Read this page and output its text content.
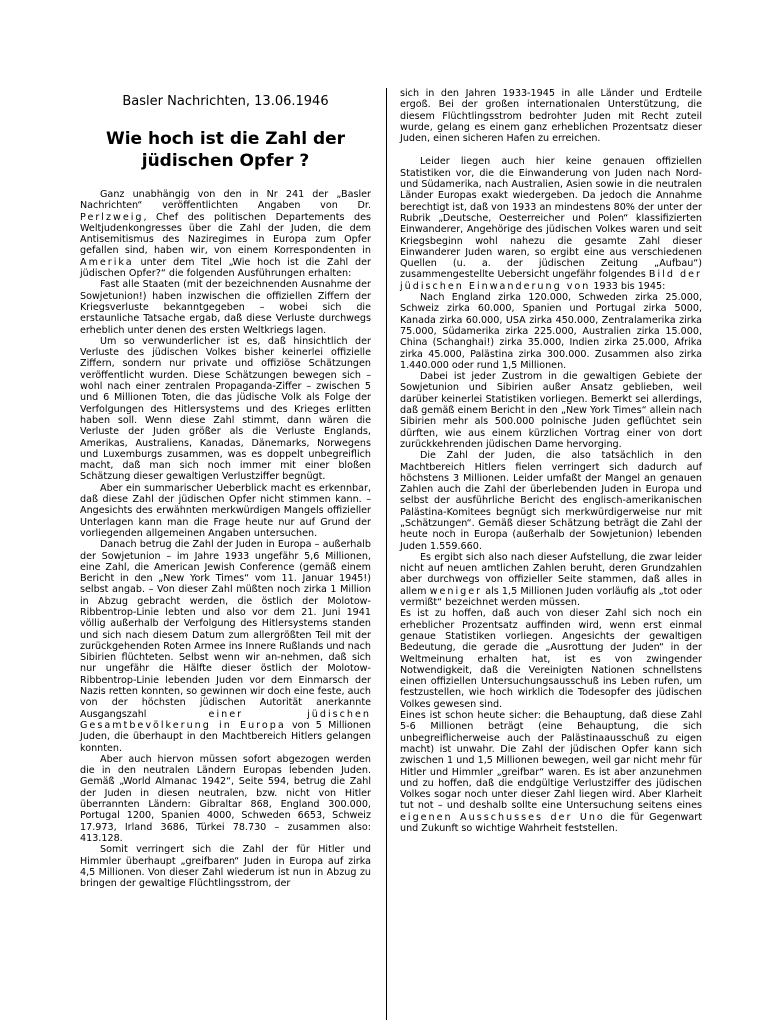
Basler Nachrichten, 13.06.1946
Wie hoch ist die Zahl der jüdischen Opfer ?

Ganz unabhängig von den in Nr 241 der „Basler Nachrichten“ veröffentlichten Angaben von Dr. Perlzweig, Chef des politischen Departements des Weltjudenkongresses über die Zahl der Juden, die dem Antisemitismus des Naziregimes in Europa zum Opfer gefallen sind, haben wir, von einem Korrespondenten in Amerika unter dem Titel „Wie hoch ist die Zahl der jüdischen Opfer?“ die folgenden Ausführungen erhalten:

Fast alle Staaten (mit der bezeichnenden Ausnahme der Sowjetunion!) haben inzwischen die offiziellen Ziffern der Kriegsverluste bekanntgegeben – wobei sich die erstaunliche Tatsache ergab, daß diese Verluste durchwegs erheblich unter denen des ersten Weltkriegs lagen.

Um so verwunderlicher ist es, daß hinsichtlich der Verluste des jüdischen Volkes bisher keinerlei offizielle Ziffern, sondern nur private und offiziöse Schätzungen veröffentlicht wurden. Diese Schätzungen bewegen sich – wohl nach einer zentralen Propaganda-Ziffer – zwischen 5 und 6 Millionen Toten, die das jüdische Volk als Folge der Verfolgungen des Hitlersystems und des Krieges erlitten haben soll. Wenn diese Zahl stimmt, dann wären die Verluste der Juden größer als die Verluste Englands, Amerikas, Australiens, Kanadas, Dänemarks, Norwegens und Luxemburgs zusammen, was es doppelt unbegreiflich macht, daß man sich noch immer mit einer bloßen Schätzung dieser gewaltigen Verlustziffer begnügt.

Aber ein summarischer Ueberblick macht es erkennbar, daß diese Zahl der jüdischen Opfer nicht stimmen kann. – Angesichts des erwähnten merkwürdigen Mangels offizieller Unterlagen kann man die Frage heute nur auf Grund der vorliegenden allgemeinen Angaben untersuchen.

Danach betrug die Zahl der Juden in Europa – außerhalb der Sowjetunion – im Jahre 1933 ungefähr 5,6 Millionen, eine Zahl, die American Jewish Conference (gemäß einem Bericht in den „New York Times“ vom 11. Januar 1945!) selbst angab. – Von dieser Zahl müßten noch zirka 1 Million in Abzug gebracht werden, die östlich der Molotow-Ribbentrop-Linie lebten und also vor dem 21. Juni 1941 völlig außerhalb der Verfolgung des Hitlersystems standen und sich nach diesem Datum zum allergrößten Teil mit der zurückgehenden Roten Armee ins Innere Rußlands und nach Sibirien flüchteten. Selbst wenn wir an-nehmen, daß sich nur ungefähr die Hälfte dieser östlich der Molotow-Ribbentrop-Linie lebenden Juden vor dem Einmarsch der Nazis retten konnten, so gewinnen wir doch eine feste, auch von der höchsten jüdischen Autorität anerkannte Ausgangszahl einer jüdischen Gesamtbevölkerung in Europa von 5 Millionen Juden, die überhaupt in den Machtbereich Hitlers gelangen konnten.

Aber auch hiervon müssen sofort abgezogen werden die in den neutralen Ländern Europas lebenden Juden. Gemäß „World Almanac 1942“, Seite 594, betrug die Zahl der Juden in diesen neutralen, bzw. nicht von Hitler überrannten Ländern: Gibraltar 868, England 300.000, Portugal 1200, Spanien 4000, Schweden 6653, Schweiz 17.973, Irland 3686, Türkei 78.730 – zusammen also: 413.128.

Somit verringert sich die Zahl der für Hitler und Himmler überhaupt „greifbaren“ Juden in Europa auf zirka 4,5 Millionen. Von dieser Zahl wiederum ist nun in Abzug zu bringen der gewaltige Flüchtlingsstrom, der

sich in den Jahren 1933-1945 in alle Länder und Erdteile ergoß. Bei der großen internationalen Unterstützung, die diesem Flüchtlingsstrom bedrohter Juden mit Recht zuteil wurde, gelang es einem ganz erheblichen Prozentsatz dieser Juden, einen sicheren Hafen zu erreichen.

Leider liegen auch hier keine genauen offiziellen Statistiken vor, die die Einwanderung von Juden nach Nord- und Südamerika, nach Australien, Asien sowie in die neutralen Länder Europas exakt wiedergeben. Da jedoch die Annahme berechtigt ist, daß von 1933 an mindestens 80% der unter der Rubrik „Deutsche, Oesterreicher und Polen“ klassifizierten Einwanderer, Angehörige des jüdischen Volkes waren und seit Kriegsbeginn wohl nahezu die gesamte Zahl dieser Einwanderer Juden waren, so ergibt eine aus verschiedenen Quellen (u. a. der jüdischen Zeitung „Aufbau“) zusammengestellte Uebersicht ungefähr folgendes Bild der jüdischen Einwanderung von 1933 bis 1945:

Nach England zirka 120.000, Schweden zirka 25.000, Schweiz zirka 60.000, Spanien und Portugal zirka 5000, Kanada zirka 60.000, USA zirka 450.000, Zentralamerika zirka 75.000, Südamerika zirka 225.000, Australien zirka 15.000, China (Schanghai!) zirka 35.000, Indien zirka 25.000, Afrika zirka 45.000, Palästina zirka 300.000. Zusammen also zirka 1.440.000 oder rund 1,5 Millionen.

Dabei ist jeder Zustrom in die gewaltigen Gebiete der Sowjetunion und Sibirien außer Ansatz geblieben, weil darüber keinerlei Statistiken vorliegen. Bemerkt sei allerdings, daß gemäß einem Bericht in den „New York Times“ allein nach Sibirien mehr als 500.000 polnische Juden geflüchtet sein dürften, wie aus einem kürzlichen Vortrag einer von dort zurückkehrenden jüdischen Dame hervorging.

Die Zahl der Juden, die also tatsächlich in den Machtbereich Hitlers fielen verringert sich dadurch auf höchstens 3 Millionen. Leider umfaßt der Mangel an genauen Zahlen auch die Zahl der überlebenden Juden in Europa und selbst der ausführliche Bericht des englisch-amerikanischen Palästina-Komitees begnügt sich merkwürdigerweise nur mit „Schätzungen“. Gemäß dieser Schätzung beträgt die Zahl der heute noch in Europa (außerhalb der Sowjetunion) lebenden Juden 1.559.660.

Es ergibt sich also nach dieser Aufstellung, die zwar leider nicht auf neuen amtlichen Zahlen beruht, deren Grundzahlen aber durchwegs von offizieller Seite stammen, daß alles in allem weniger als 1,5 Millionen Juden vorläufig als „tot oder vermißt“ bezeichnet werden müssen.

Es ist zu hoffen, daß auch von dieser Zahl sich noch ein erheblicher Prozentsatz auffinden wird, wenn erst einmal genaue Statistiken vorliegen. Angesichts der gewaltigen Bedeutung, die gerade die „Ausrottung der Juden“ in der Weltmeinung erhalten hat, ist es von zwingender Notwendigkeit, daß die Vereinigten Nationen schnellstens einen offiziellen Untersuchungsausschuß ins Leben rufen, um festzustellen, wie hoch wirklich die Todesopfer des jüdischen Volkes gewesen sind.

Eines ist schon heute sicher: die Behauptung, daß diese Zahl 5-6 Millionen beträgt (eine Behauptung, die sich unbegreiflicherweise auch der Palästinaausschuß zu eigen macht) ist unwahr. Die Zahl der jüdischen Opfer kann sich zwischen 1 und 1,5 Millionen bewegen, weil gar nicht mehr für Hitler und Himmler „greifbar“ waren. Es ist aber anzunehmen und zu hoffen, daß die endgültige Verlustziffer des jüdischen Volkes sogar noch unter dieser Zahl liegen wird. Aber Klarheit tut not – und deshalb sollte eine Untersuchung seitens eines eigenen Ausschusses der Uno die für Gegenwart und Zukunft so wichtige Wahrheit feststellen.
